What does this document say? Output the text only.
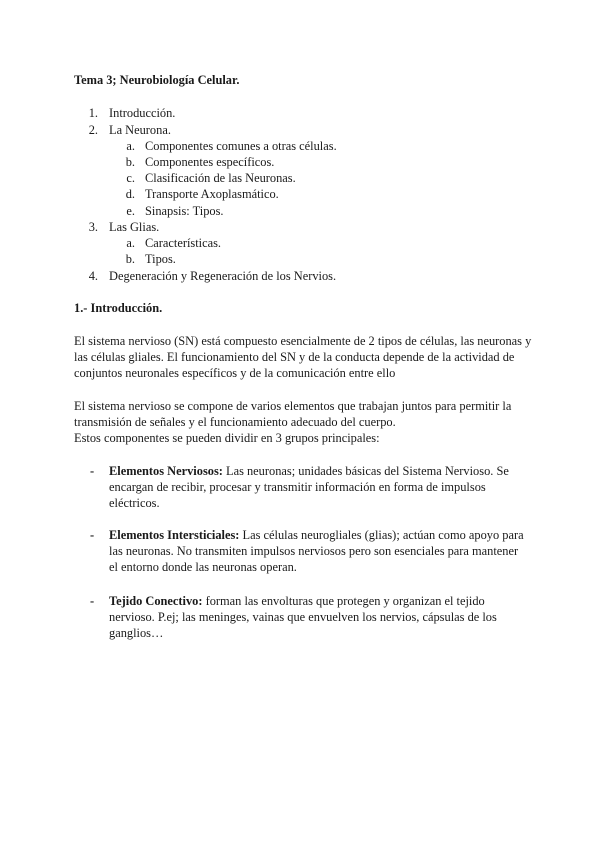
Tema 3; Neurobiología Celular.
1. Introducción.
2. La Neurona.
a. Componentes comunes a otras células.
b. Componentes específicos.
c. Clasificación de las Neuronas.
d. Transporte Axoplasmático.
e. Sinapsis: Tipos.
3. Las Glias.
a. Características.
b. Tipos.
4. Degeneración y Regeneración de los Nervios.
1.- Introducción.
El sistema nervioso (SN) está compuesto esencialmente de 2 tipos de células, las neuronas y las células gliales. El funcionamiento del SN y de la conducta depende de la actividad de conjuntos neuronales específicos y de la comunicación entre ello
El sistema nervioso se compone de varios elementos que trabajan juntos para permitir la transmisión de señales y el funcionamiento adecuado del cuerpo.
Estos componentes se pueden dividir en 3 grupos principales:
- Elementos Nerviosos: Las neuronas; unidades básicas del Sistema Nervioso. Se encargan de recibir, procesar y transmitir información en forma de impulsos eléctricos.
- Elementos Intersticiales: Las células neurogliales (glias); actúan como apoyo para las neuronas. No transmiten impulsos nerviosos pero son esenciales para mantener el entorno donde las neuronas operan.
- Tejido Conectivo: forman las envolturas que protegen y organizan el tejido nervioso. P.ej; las meninges, vainas que envuelven los nervios, cápsulas de los ganglios…
